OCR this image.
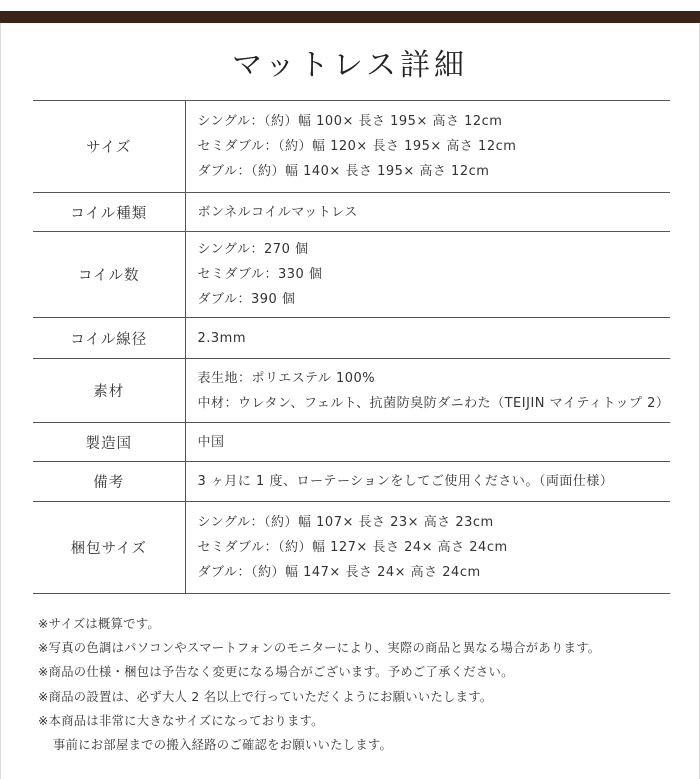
マットレス詳細
サイズ	シングル：（約）幅 100× 長さ 195× 高さ 12cm
セミダブル：（約）幅 120× 長さ 195× 高さ 12cm
ダブル：（約）幅 140× 長さ 195× 高さ 12cm

コイル種類	ボンネルコイルマットレス

コイル数	シングル：270 個
セミダブル：330 個
ダブル：390 個

コイル線径	2.3mm

素材	表生地：ポリエステル 100%
中材：ウレタン、フェルト、抗菌防臭防ダニわた（TEIJIN マイティトップ 2）

製造国	中国

備考	3 ヶ月に 1 度、ローテーションをしてご使用ください。（両面仕様）

梱包サイズ	シングル：（約）幅 107× 長さ 23× 高さ 23cm
セミダブル：（約）幅 127× 長さ 24× 高さ 24cm
ダブル：（約）幅 147× 長さ 24× 高さ 24cm
※サイズは概算です。
※写真の色調はパソコンやスマートフォンのモニターにより、実際の商品と異なる場合があります。
※商品の仕様・梱包は予告なく変更になる場合がございます。予めご了承ください。
※商品の設置は、必ず大人 2 名以上で行っていただくようにお願いいたします。
※本商品は非常に大きなサイズになっております。
事前にお部屋までの搬入経路のご確認をお願いいたします。
